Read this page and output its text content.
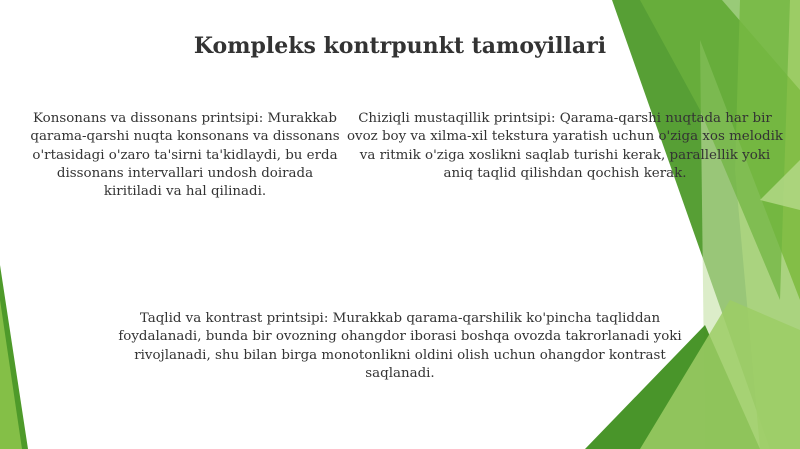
Kompleks kontrpunkt tamoyillari

Konsonans va dissonans printsipi: Murakkab qarama-qarshi nuqta konsonans va dissonans o'rtasidagi o'zaro ta'sirni ta'kidlaydi, bu erda dissonans intervallari undosh doirada kiritiladi va hal qilinadi.

Chiziqli mustaqillik printsipi: Qarama-qarshi nuqtada har bir ovoz boy va xilma-xil tekstura yaratish uchun o'ziga xos melodik va ritmik o'ziga xoslikni saqlab turishi kerak, parallellik yoki aniq taqlid qilishdan qochish kerak.

Taqlid va kontrast printsipi: Murakkab qarama-qarshilik ko'pincha taqliddan foydalanadi, bunda bir ovozning ohangdor iborasi boshqa ovozda takrorlanadi yoki rivojlanadi, shu bilan birga monotonlikni oldini olish uchun ohangdor kontrast saqlanadi.
